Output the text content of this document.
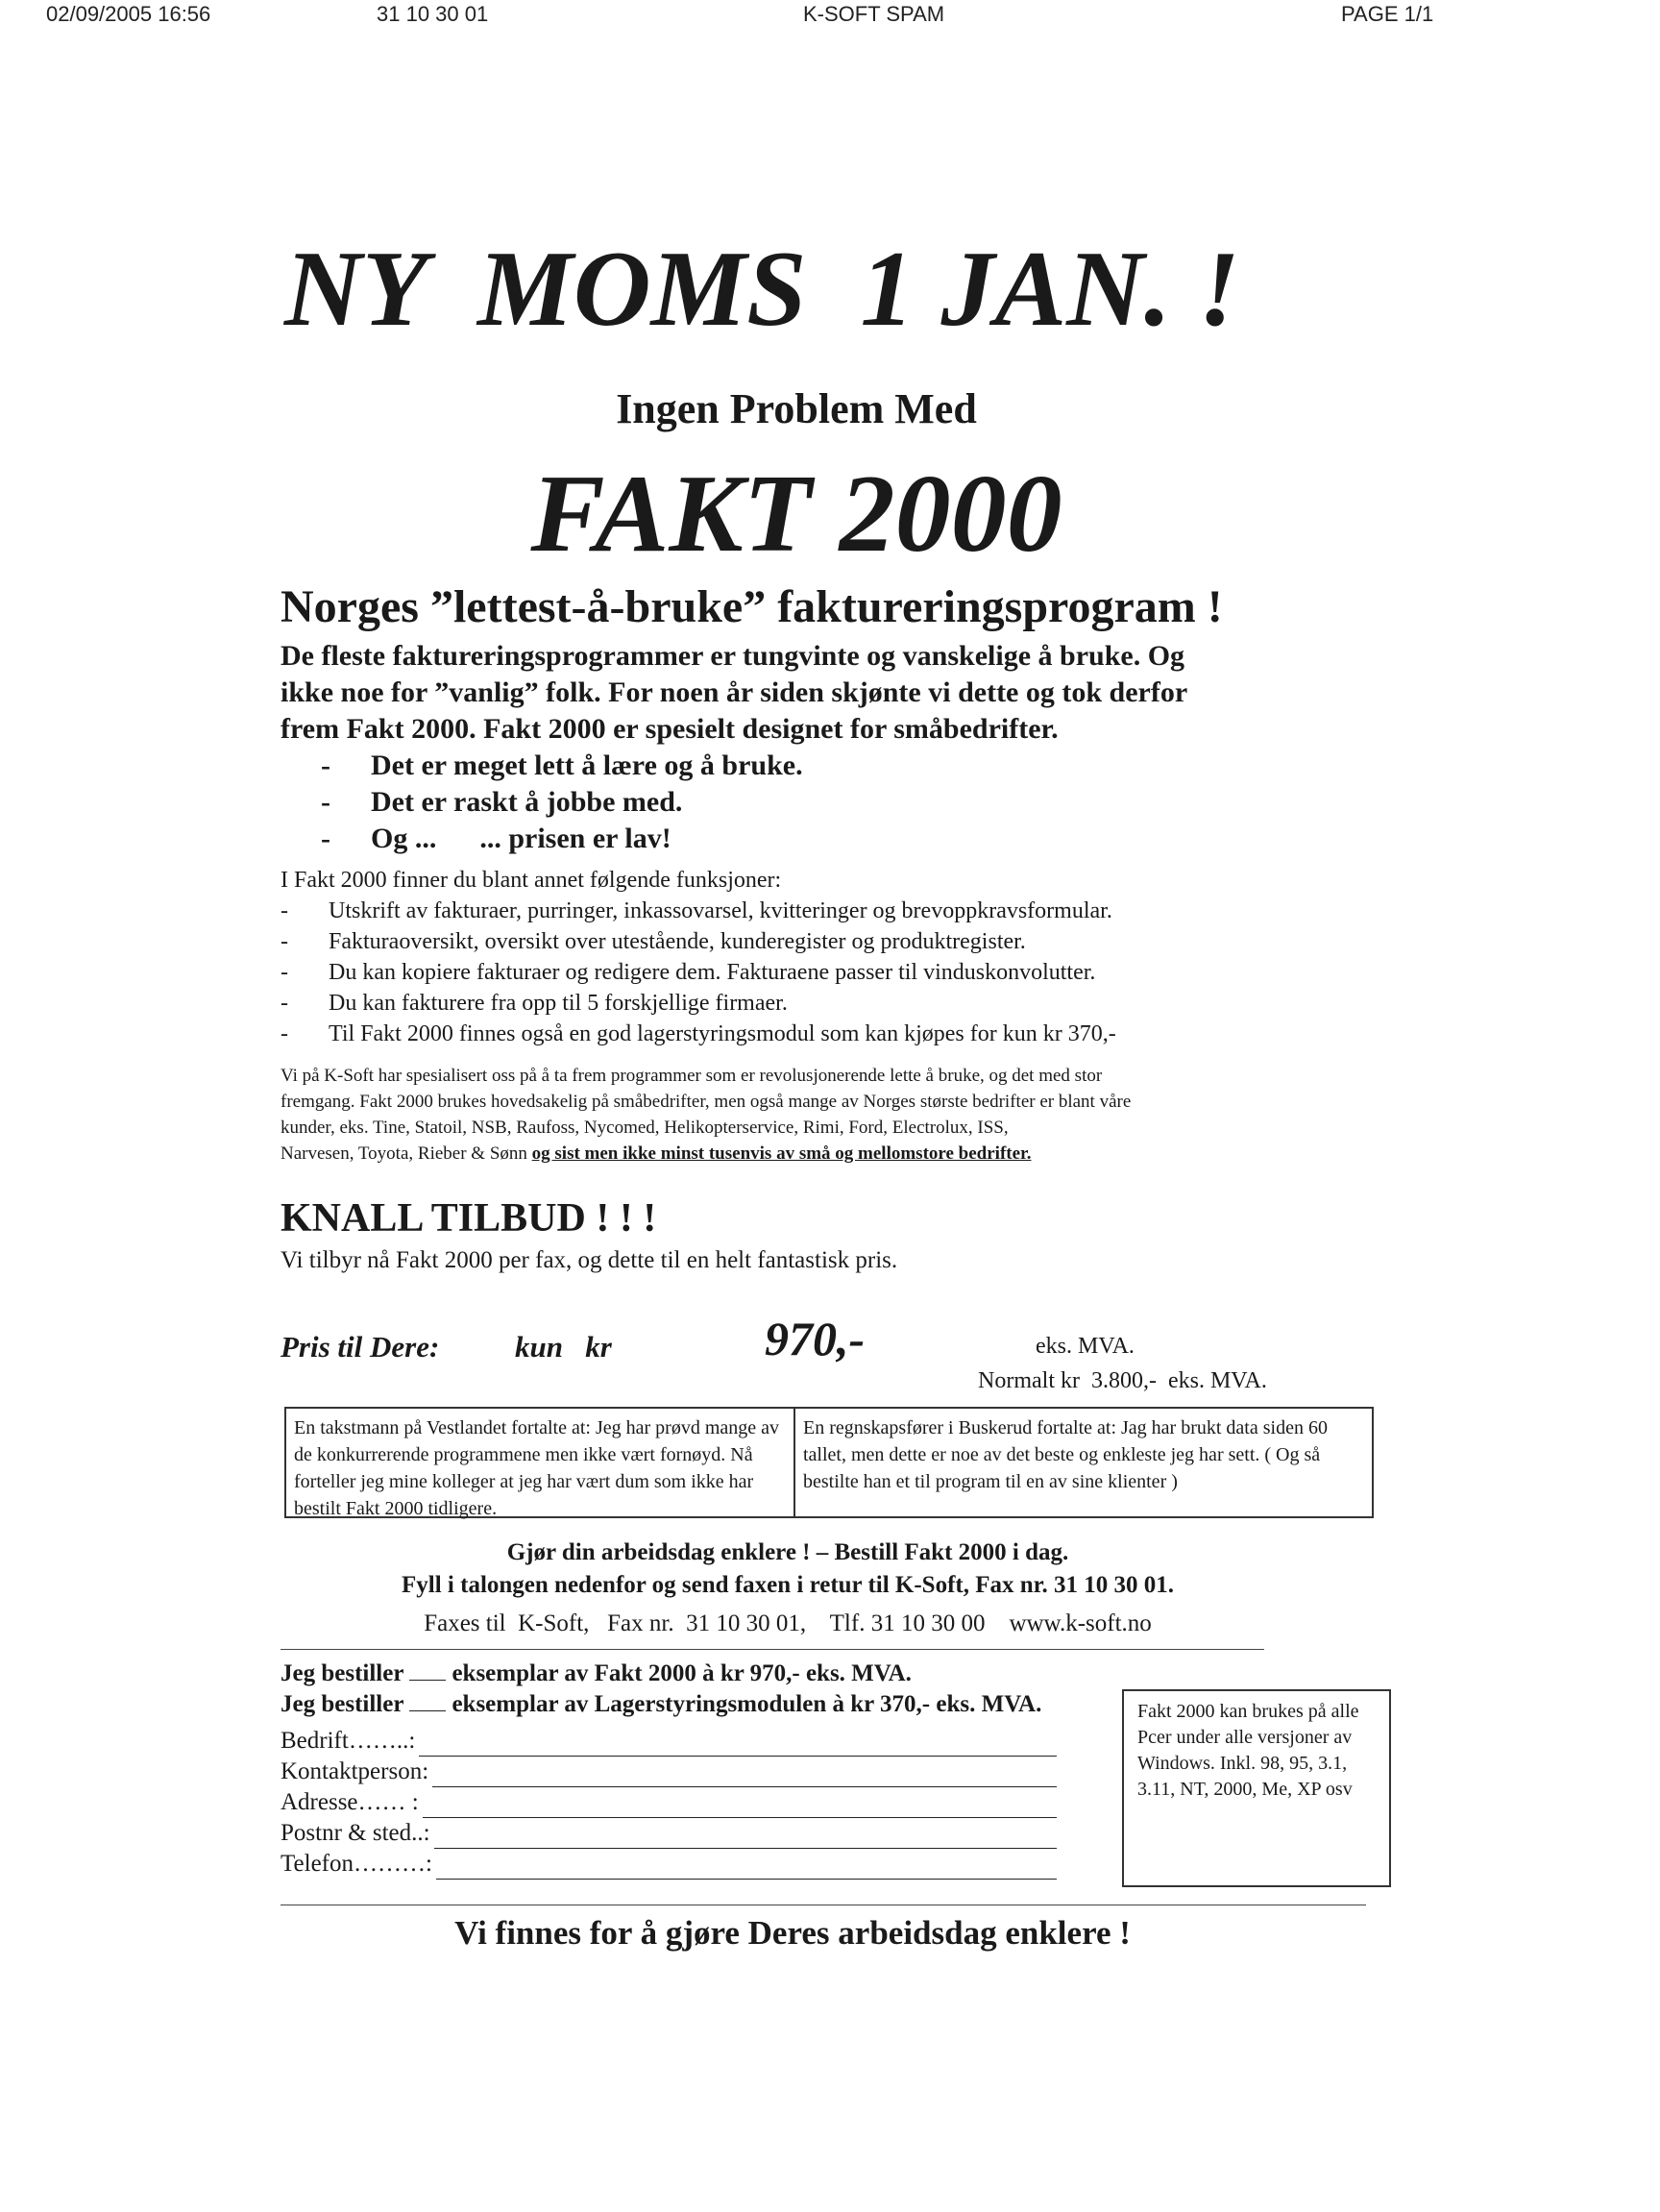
02/09/2005 16:56	31 10 30 01	K-SOFT SPAM	PAGE 1/1
NY  MOMS  1 JAN. !
Ingen Problem Med
FAKT 2000
Norges ”lettest-å-bruke” faktureringsprogram !
De fleste faktureringsprogrammer er tungvinte og vanskelige å bruke. Og
ikke noe for ”vanlig” folk. For noen år siden skjønte vi dette og tok derfor
frem Fakt 2000. Fakt 2000 er spesielt designet for småbedrifter.
-	Det er meget lett å lære og å bruke.
-	Det er raskt å jobbe med.
-	Og ...      ... prisen er lav!
I Fakt 2000 finner du blant annet følgende funksjoner:
-	Utskrift av fakturaer, purringer, inkassovarsel, kvitteringer og brevoppkravsformular.
-	Fakturaoversikt, oversikt over utestående, kunderegister og produktregister.
-	Du kan kopiere fakturaer og redigere dem. Fakturaene passer til vinduskonvolutter.
-	Du kan fakturere fra opp til 5 forskjellige firmaer.
-	Til Fakt 2000 finnes også en god lagerstyringsmodul som kan kjøpes for kun kr 370,-
Vi på K-Soft har spesialisert oss på å ta frem programmer som er revolusjonerende lette å bruke, og det med stor
fremgang. Fakt 2000 brukes hovedsakelig på småbedrifter, men også mange av Norges største bedrifter er blant våre
kunder, eks. Tine, Statoil, NSB, Raufoss, Nycomed, Helikopterservice, Rimi, Ford, Electrolux, ISS,
Narvesen, Toyota, Rieber & Sønn og sist men ikke minst tusenvis av små og mellomstore bedrifter.
KNALL TILBUD ! ! !
Vi tilbyr nå Fakt 2000 per fax, og dette til en helt fantastisk pris.
Pris til Dere:	kun   kr	970,-	eks. MVA.
Normalt kr  3.800,-  eks. MVA.
En takstmann på Vestlandet fortalte at: Jeg har prøvd mange av de konkurrerende programmene men ikke vært fornøyd. Nå forteller jeg mine kolleger at jeg har vært dum som ikke har bestilt Fakt 2000 tidligere.
En regnskapsfører i Buskerud fortalte at: Jag har brukt data siden 60 tallet, men dette er noe av det beste og enkleste jeg har sett. ( Og så bestilte han et til program til en av sine klienter )
Gjør din arbeidsdag enklere ! – Bestill Fakt 2000 i dag.
Fyll i talongen nedenfor og send faxen i retur til K-Soft, Fax nr. 31 10 30 01.
Faxes til  K-Soft,   Fax nr.  31 10 30 01,    Tlf. 31 10 30 00    www.k-soft.no
Jeg bestiller eksemplar av Fakt 2000 à kr 970,- eks. MVA.
Jeg bestiller eksemplar av Lagerstyringsmodulen à kr 370,- eks. MVA.
Bedrift……..:
Kontaktperson:
Adresse…… :
Postnr & sted..:
Telefon………:
Fakt 2000 kan brukes på alle Pcer under alle versjoner av Windows. Inkl. 98, 95, 3.1, 3.11, NT, 2000, Me, XP osv
Vi finnes for å gjøre Deres arbeidsdag enklere !
